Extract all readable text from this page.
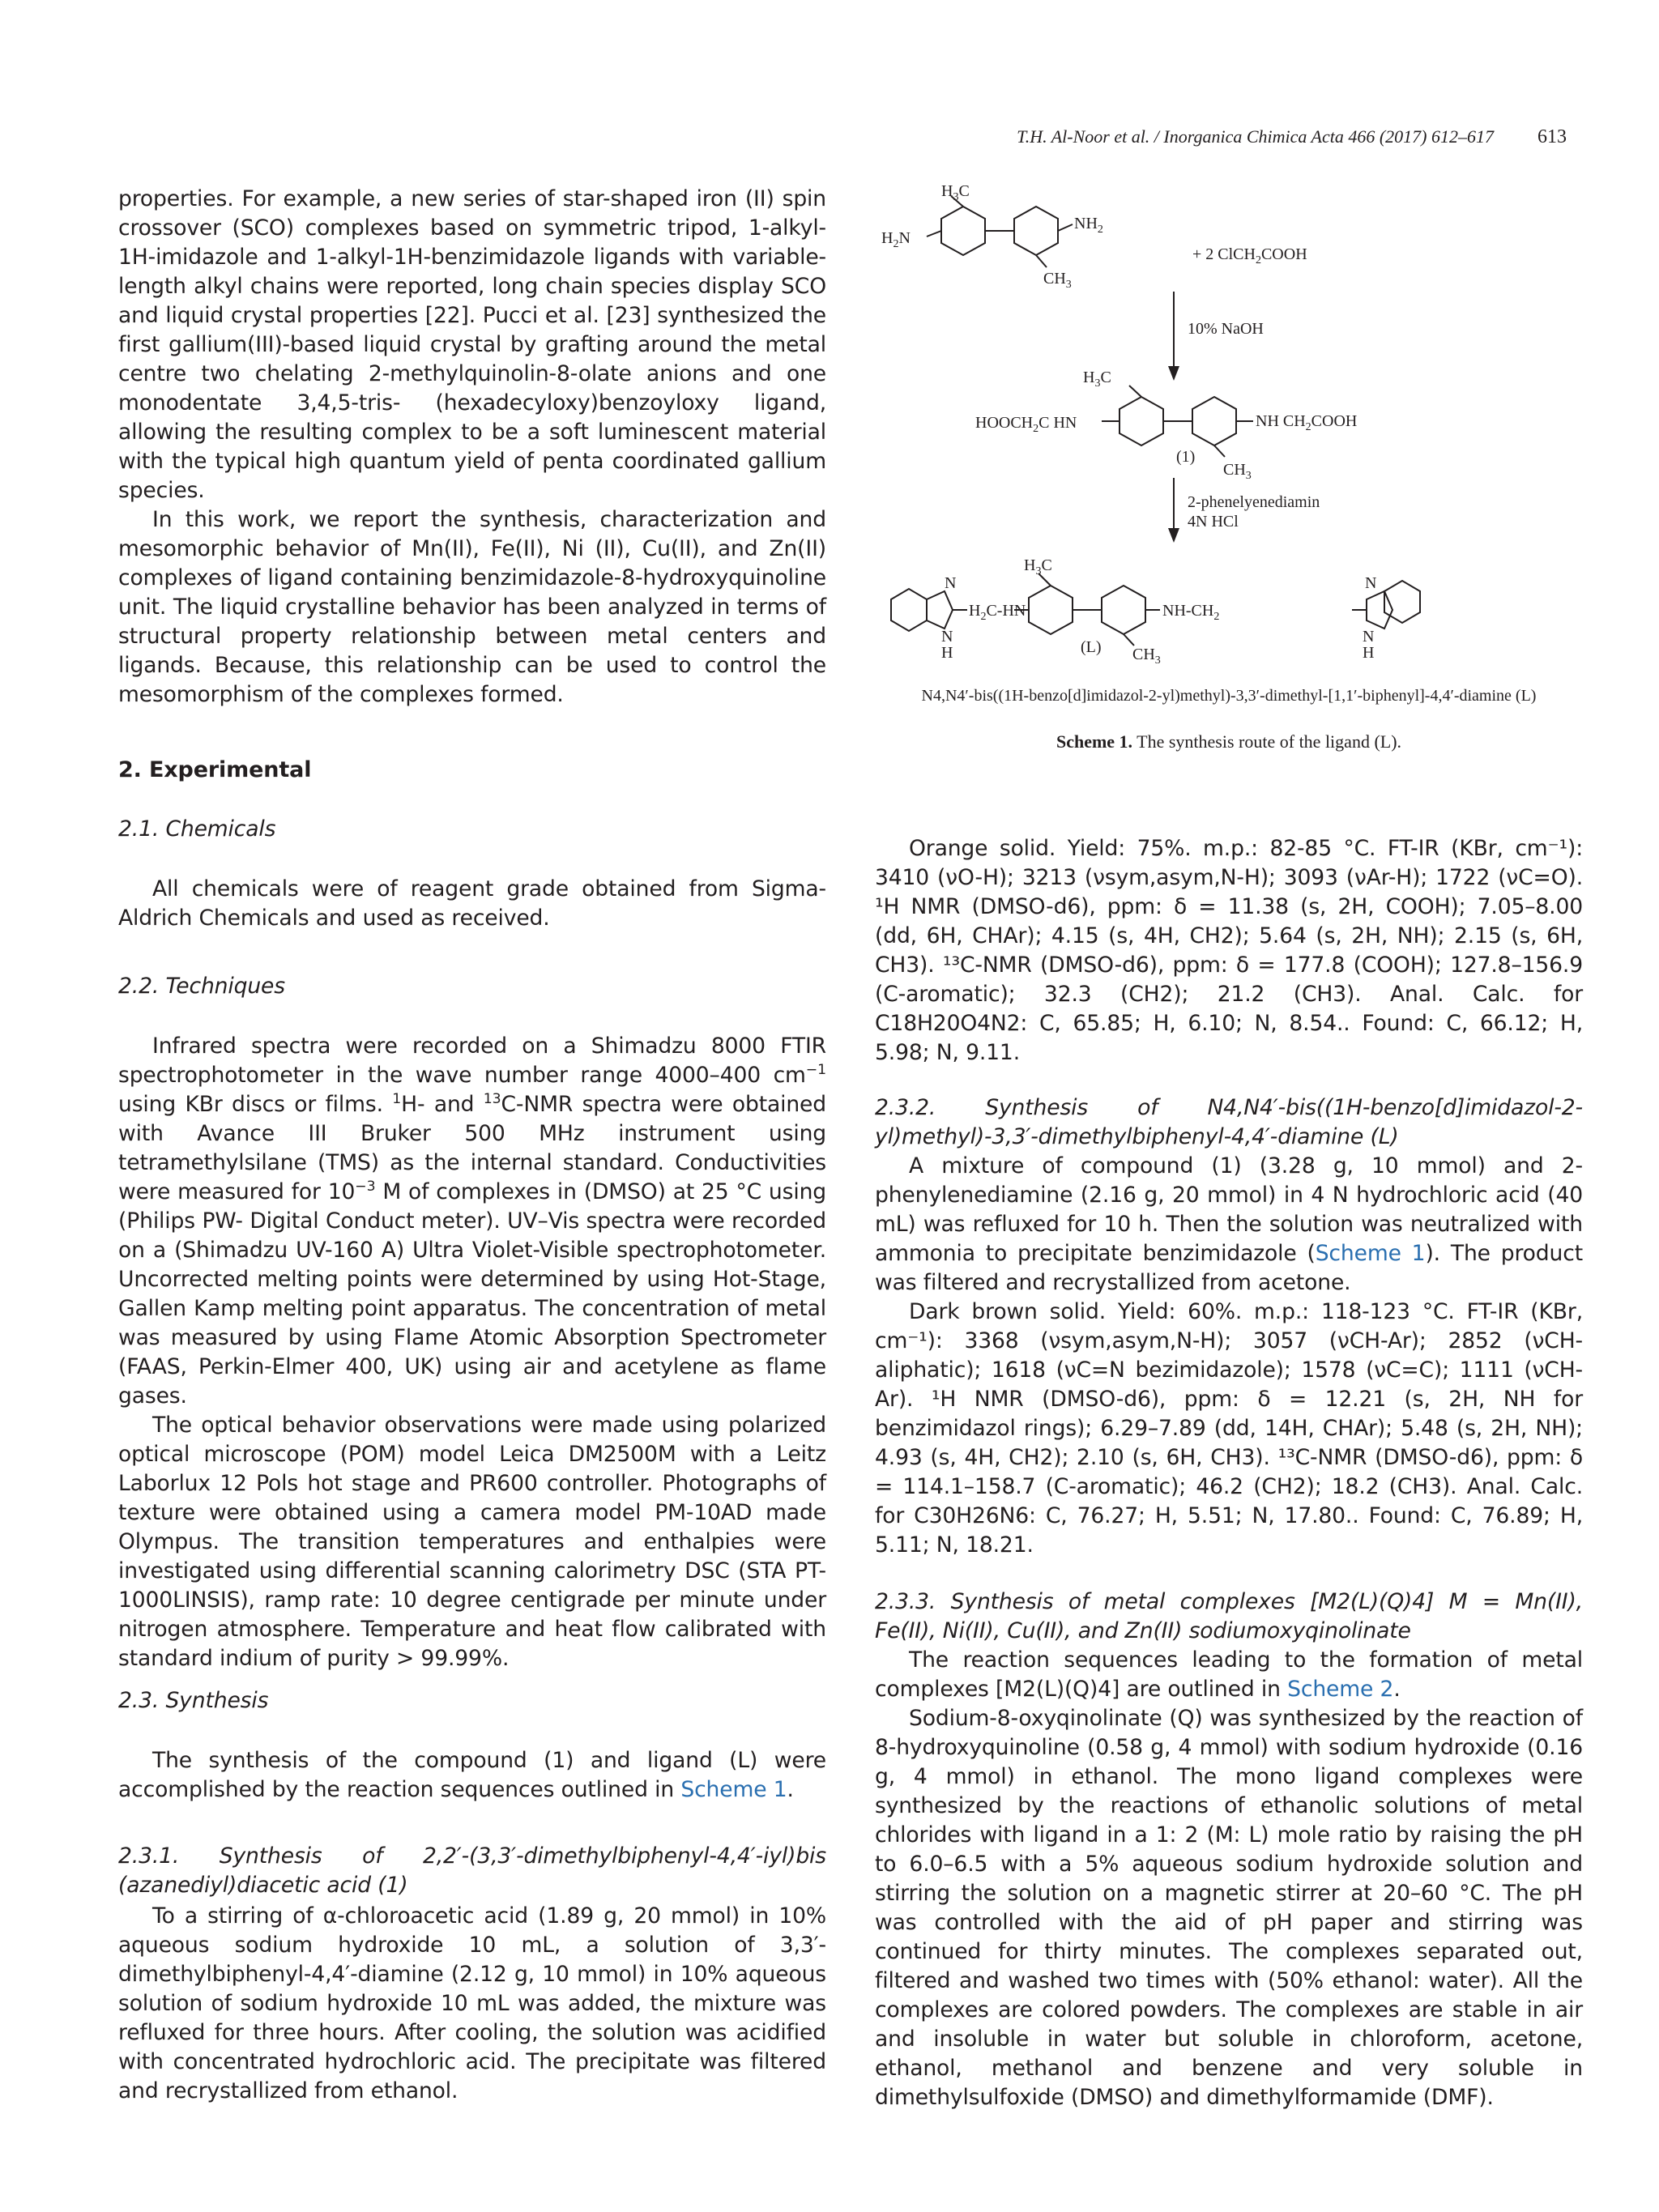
T.H. Al-Noor et al. / Inorganica Chimica Acta 466 (2017) 612–617	613

properties. For example, a new series of star-shaped iron (II) spin crossover (SCO) complexes based on symmetric tripod, 1-alkyl-1H-imidazole and 1-alkyl-1H-benzimidazole ligands with variable-length alkyl chains were reported, long chain species display SCO and liquid crystal properties [22]. Pucci et al. [23] synthesized the first gallium(III)-based liquid crystal by grafting around the metal centre two chelating 2-methylquinolin-8-olate anions and one monodentate 3,4,5-tris- (hexadecyloxy)benzoyloxy ligand, allowing the resulting complex to be a soft luminescent material with the typical high quantum yield of penta coordinated gallium species.

In this work, we report the synthesis, characterization and mesomorphic behavior of Mn(II), Fe(II), Ni (II), Cu(II), and Zn(II) complexes of ligand containing benzimidazole-8-hydroxyquinoline unit. The liquid crystalline behavior has been analyzed in terms of structural property relationship between metal centers and ligands. Because, this relationship can be used to control the mesomorphism of the complexes formed.

2. Experimental
2.1. Chemicals
All chemicals were of reagent grade obtained from Sigma-Aldrich Chemicals and used as received.
2.2. Techniques

Infrared spectra were recorded on a Shimadzu 8000 FTIR spectrophotometer in the wave number range 4000–400 $cm^{-1}$ using KBr discs or films. $^1$H- and $^{13}$C-NMR spectra were obtained with Avance III Bruker 500 MHz instrument using tetramethylsilane (TMS) as the internal standard. Conductivities were measured for $10^{-3}$ M of complexes in (DMSO) at 25 °C using (Philips PW- Digital Conduct meter). UV–Vis spectra were recorded on a (Shimadzu UV-160 A) Ultra Violet-Visible spectrophotometer. Uncorrected melting points were determined by using Hot-Stage, Gallen Kamp melting point apparatus. The concentration of metal was measured by using Flame Atomic Absorption Spectrometer (FAAS, Perkin-Elmer 400, UK) using air and acetylene as flame gases.

The optical behavior observations were made using polarized optical microscope (POM) model Leica DM2500M with a Leitz Laborlux 12 Pols hot stage and PR600 controller. Photographs of texture were obtained using a camera model PM-10AD made Olympus. The transition temperatures and enthalpies were investigated using differential scanning calorimetry DSC (STA PT-1000LINSIS), ramp rate: 10 degree centigrade per minute under nitrogen atmosphere. Temperature and heat flow calibrated with standard indium of purity > 99.99%.

2.3. Synthesis
The synthesis of the compound (1) and ligand (L) were accomplished by the reaction sequences outlined in Scheme 1.
2.3.1. Synthesis of 2,2′-(3,3′-dimethylbiphenyl-4,4′-iyl)bis (azanediyl)diacetic acid (1)
To a stirring of α-chloroacetic acid (1.89 g, 20 mmol) in 10% aqueous sodium hydroxide 10 mL, a solution of 3,3′-dimethylbiphenyl-4,4′-diamine (2.12 g, 10 mmol) in 10% aqueous solution of sodium hydroxide 10 mL was added, the mixture was refluxed for three hours. After cooling, the solution was acidified with concentrated hydrochloric acid. The precipitate was filtered and recrystallized from ethanol.
$H_3C$
$H_2N$
$NH_2$
$CH_3$
+ 2 ClCH$_2$COOH
10% NaOH
$H_3C$
$HOOCH_2C$ HN	NH $CH_2COOH$
(1)
$CH_3$
2-phenelyenediamin
4N HCl
N
N
H
$H_2C-HN$
$H_3C$
$NH-CH_2$
N
N
H
(L) $CH_3$
N4,N4′-bis((1H-benzo[d]imidazol-2-yl)methyl)-3,3′-dimethyl-[1,1′-biphenyl]-4,4′-diamine (L)
Scheme 1. The synthesis route of the ligand (L).
Orange solid. Yield: 75%. m.p.: 82-85 °C. FT-IR (KBr, cm⁻¹): 3410 (νO-H); 3213 (νsym,asym,N-H); 3093 (νAr-H); 1722 (νC=O). ¹H NMR (DMSO-d6), ppm: δ = 11.38 (s, 2H, COOH); 7.05–8.00 (dd, 6H, CHAr); 4.15 (s, 4H, CH2); 5.64 (s, 2H, NH); 2.15 (s, 6H, CH3). ¹³C-NMR (DMSO-d6), ppm: δ = 177.8 (COOH); 127.8–156.9 (C-aromatic); 32.3 (CH2); 21.2 (CH3). Anal. Calc. for C18H20O4N2: C, 65.85; H, 6.10; N, 8.54.. Found: C, 66.12; H, 5.98; N, 9.11.
2.3.2. Synthesis of N4,N4′-bis((1H-benzo[d]imidazol-2-yl)methyl)-3,3′-dimethylbiphenyl-4,4′-diamine (L)

A mixture of compound (1) (3.28 g, 10 mmol) and 2-phenylenediamine (2.16 g, 20 mmol) in 4 N hydrochloric acid (40 mL) was refluxed for 10 h. Then the solution was neutralized with ammonia to precipitate benzimidazole (Scheme 1). The product was filtered and recrystallized from acetone.

Dark brown solid. Yield: 60%. m.p.: 118-123 °C. FT-IR (KBr, cm⁻¹): 3368 (νsym,asym,N-H); 3057 (νCH-Ar); 2852 (νCH-aliphatic); 1618 (νC=N bezimidazole); 1578 (νC=C); 1111 (νCH-Ar). ¹H NMR (DMSO-d6), ppm: δ = 12.21 (s, 2H, NH for benzimidazol rings); 6.29–7.89 (dd, 14H, CHAr); 5.48 (s, 2H, NH); 4.93 (s, 4H, CH2); 2.10 (s, 6H, CH3). ¹³C-NMR (DMSO-d6), ppm: δ = 114.1–158.7 (C-aromatic); 46.2 (CH2); 18.2 (CH3). Anal. Calc. for C30H26N6: C, 76.27; H, 5.51; N, 17.80.. Found: C, 76.89; H, 5.11; N, 18.21.

2.3.3. Synthesis of metal complexes [M2(L)(Q)4] M = Mn(II), Fe(II), Ni(II), Cu(II), and Zn(II) sodiumoxyqinolinate

The reaction sequences leading to the formation of metal complexes [M2(L)(Q)4] are outlined in Scheme 2.

Sodium-8-oxyqinolinate (Q) was synthesized by the reaction of 8-hydroxyquinoline (0.58 g, 4 mmol) with sodium hydroxide (0.16 g, 4 mmol) in ethanol. The mono ligand complexes were synthesized by the reactions of ethanolic solutions of metal chlorides with ligand in a 1: 2 (M: L) mole ratio by raising the pH to 6.0–6.5 with a 5% aqueous sodium hydroxide solution and stirring the solution on a magnetic stirrer at 20–60 °C. The pH was controlled with the aid of pH paper and stirring was continued for thirty minutes. The complexes separated out, filtered and washed two times with (50% ethanol: water). All the complexes are colored powders. The complexes are stable in air and insoluble in water but soluble in chloroform, acetone, ethanol, methanol and benzene and very soluble in dimethylsulfoxide (DMSO) and dimethylformamide (DMF).
